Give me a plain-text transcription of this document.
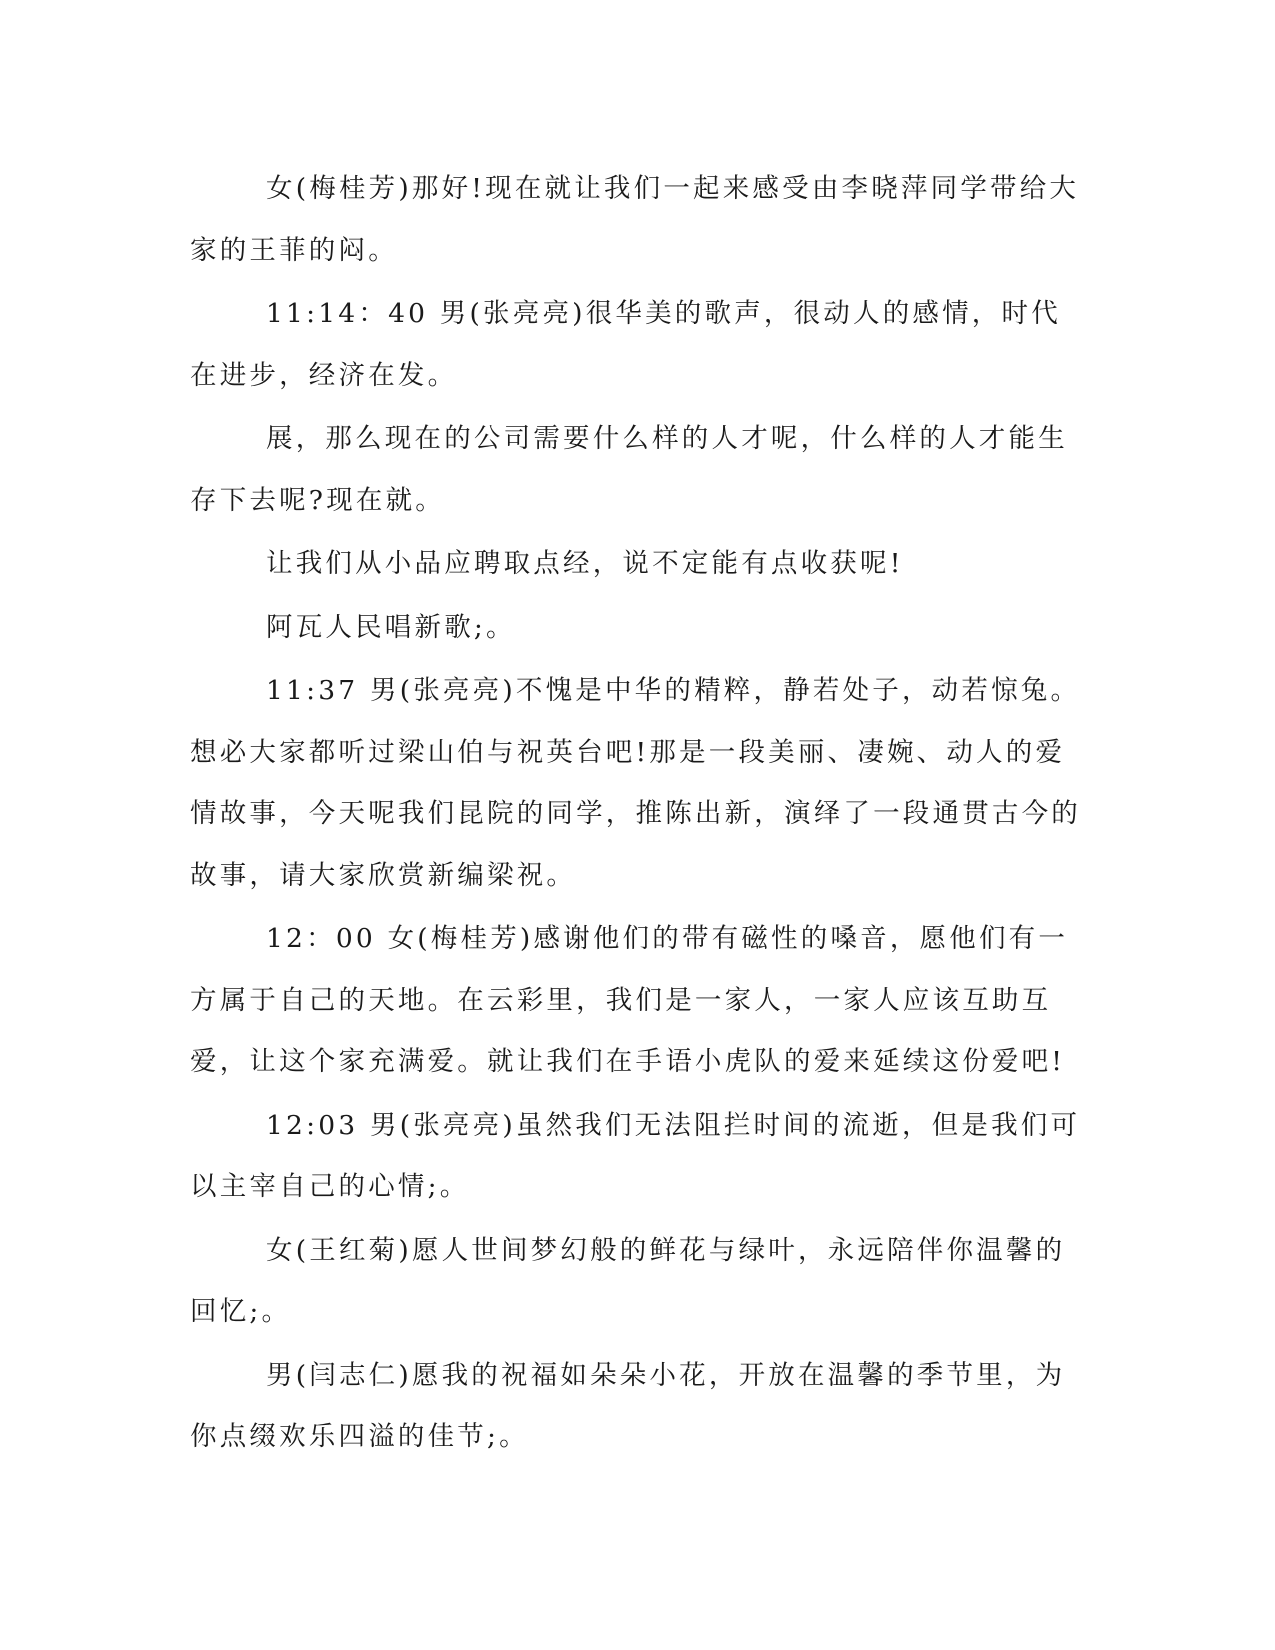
女(梅桂芳)那好!现在就让我们一起来感受由李晓萍同学带给大家的王菲的闷。

11:14：40 男(张亮亮)很华美的歌声，很动人的感情，时代在进步，经济在发。

展，那么现在的公司需要什么样的人才呢，什么样的人才能生存下去呢?现在就。

让我们从小品应聘取点经，说不定能有点收获呢!

阿瓦人民唱新歌;。

11:37 男(张亮亮)不愧是中华的精粹，静若处子，动若惊兔。想必大家都听过梁山伯与祝英台吧!那是一段美丽、凄婉、动人的爱情故事，今天呢我们昆院的同学，推陈出新，演绎了一段通贯古今的故事，请大家欣赏新编梁祝。

12：00 女(梅桂芳)感谢他们的带有磁性的嗓音，愿他们有一方属于自己的天地。在云彩里，我们是一家人，一家人应该互助互爱，让这个家充满爱。就让我们在手语小虎队的爱来延续这份爱吧!

12:03 男(张亮亮)虽然我们无法阻拦时间的流逝，但是我们可以主宰自己的心情;。

女(王红菊)愿人世间梦幻般的鲜花与绿叶，永远陪伴你温馨的回忆;。

男(闫志仁)愿我的祝福如朵朵小花，开放在温馨的季节里，为你点缀欢乐四溢的佳节;。
